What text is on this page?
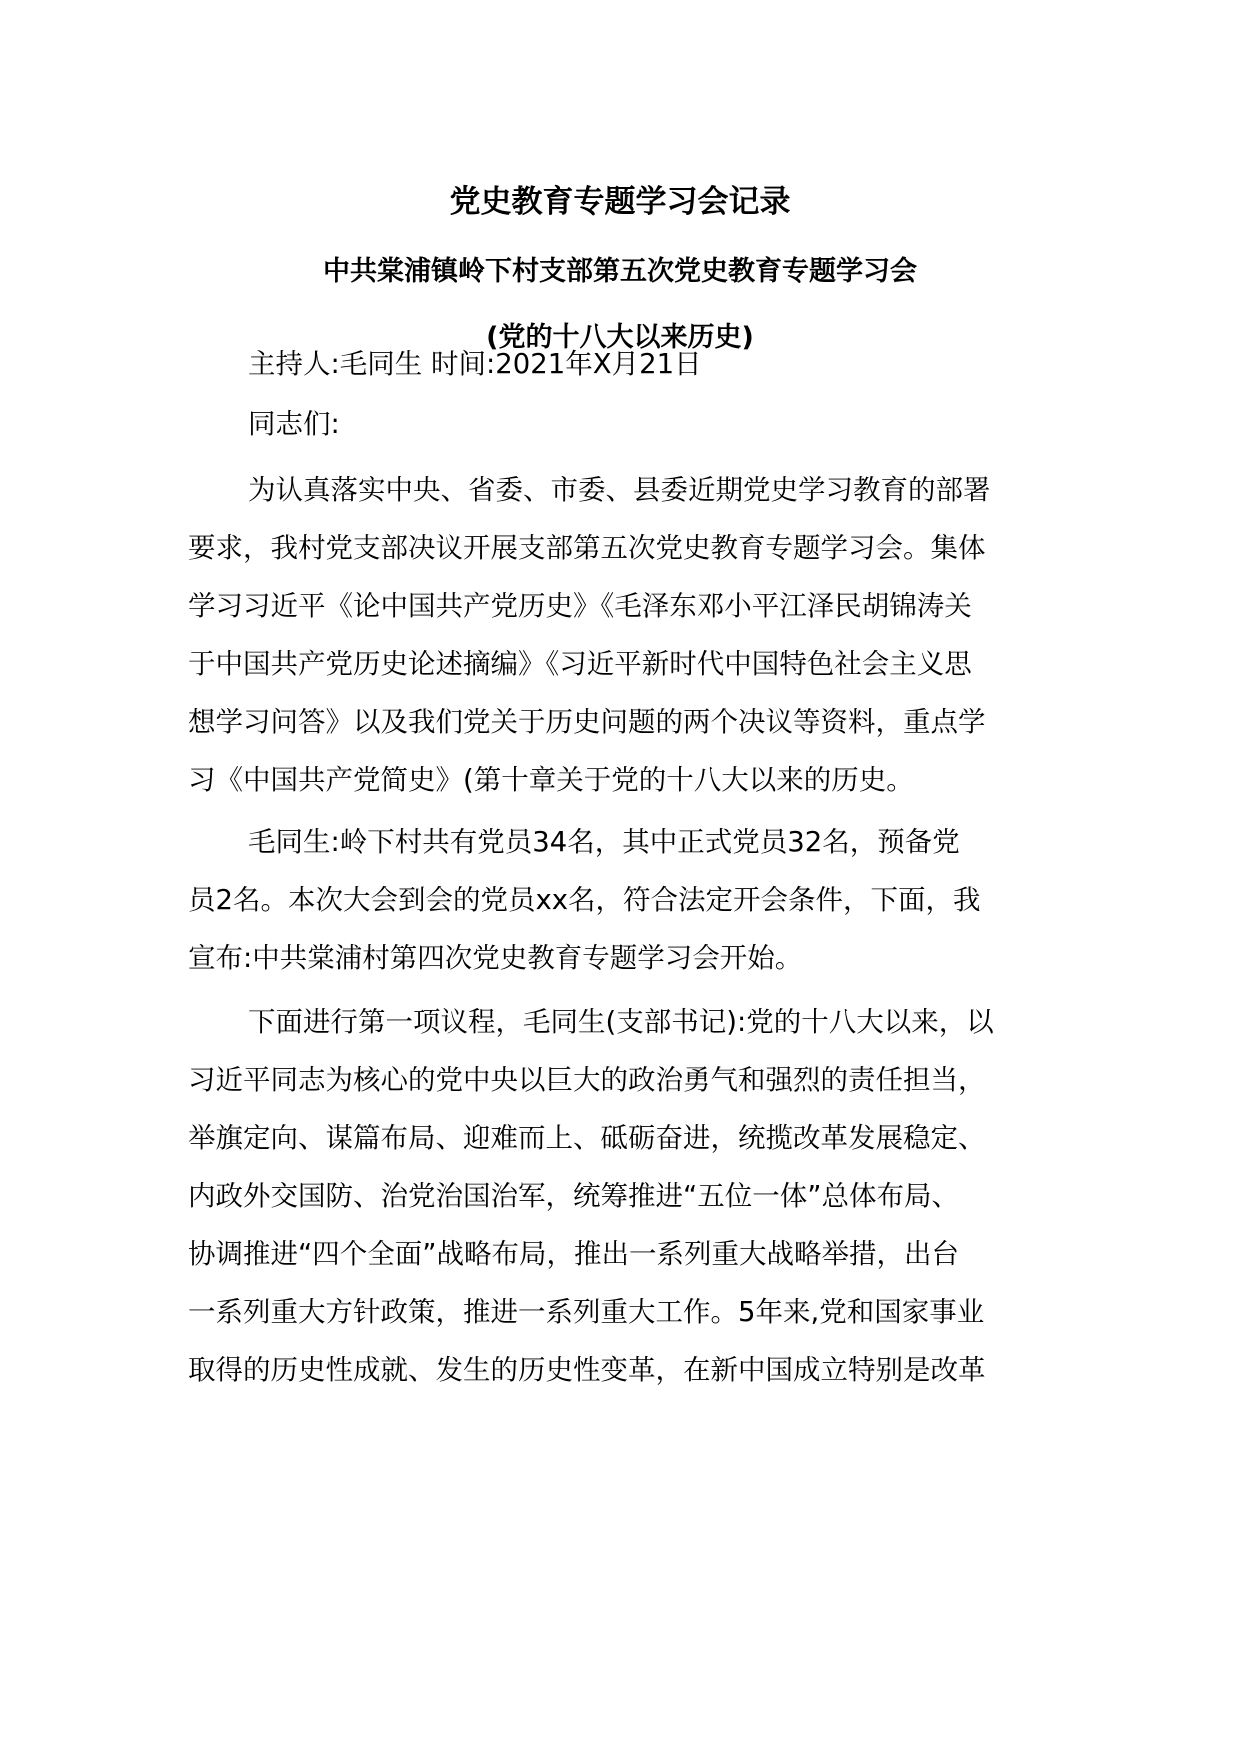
党史教育专题学习会记录
中共棠浦镇岭下村支部第五次党史教育专题学习会
(党的十八大以来历史)

主持人:毛同生 时间:2021年X月21日

同志们:

为认真落实中央、省委、市委、县委近期党史学习教育的部署

要求，我村党支部决议开展支部第五次党史教育专题学习会。集体

学习习近平《论中国共产党历史》《毛泽东邓小平江泽民胡锦涛关

于中国共产党历史论述摘编》《习近平新时代中国特色社会主义思

想学习问答》以及我们党关于历史问题的两个决议等资料，重点学

习《中国共产党简史》(第十章关于党的十八大以来的历史。

毛同生:岭下村共有党员34名，其中正式党员32名，预备党

员2名。本次大会到会的党员xx名，符合法定开会条件，下面，我

宣布:中共棠浦村第四次党史教育专题学习会开始。

下面进行第一项议程，毛同生(支部书记):党的十八大以来，以

习近平同志为核心的党中央以巨大的政治勇气和强烈的责任担当，

举旗定向、谋篇布局、迎难而上、砥砺奋进，统揽改革发展稳定、

内政外交国防、治党治国治军，统筹推进“五位一体”总体布局、

协调推进“四个全面”战略布局，推出一系列重大战略举措，出台

一系列重大方针政策，推进一系列重大工作。5年来,党和国家事业

取得的历史性成就、发生的历史性变革，在新中国成立特别是改革
